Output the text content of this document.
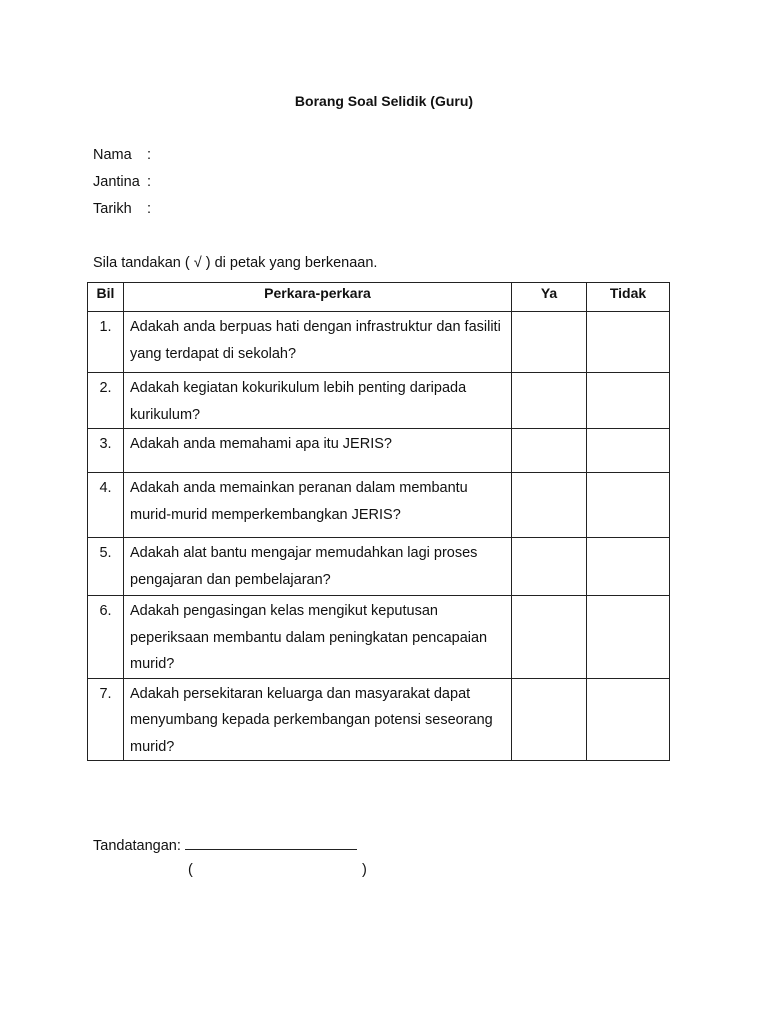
Borang Soal Selidik (Guru)
Nama :
Jantina :
Tarikh :
Sila tandakan ( √ ) di petak yang berkenaan.
Bil	Perkara-perkara	Ya	Tidak
1.	Adakah anda berpuas hati dengan infrastruktur dan fasiliti yang terdapat di sekolah?		
2.	Adakah kegiatan kokurikulum lebih penting daripada kurikulum?		
3.	Adakah anda memahami apa itu JERIS?		
4.	Adakah anda memainkan peranan dalam membantu murid-murid memperkembangkan JERIS?		
5.	Adakah alat bantu mengajar memudahkan lagi proses pengajaran dan pembelajaran?		
6.	Adakah pengasingan kelas mengikut keputusan peperiksaan membantu dalam peningkatan pencapaian murid?		
7.	Adakah persekitaran keluarga dan masyarakat dapat menyumbang kepada perkembangan potensi seseorang murid?		
Tandatangan:
(	)
